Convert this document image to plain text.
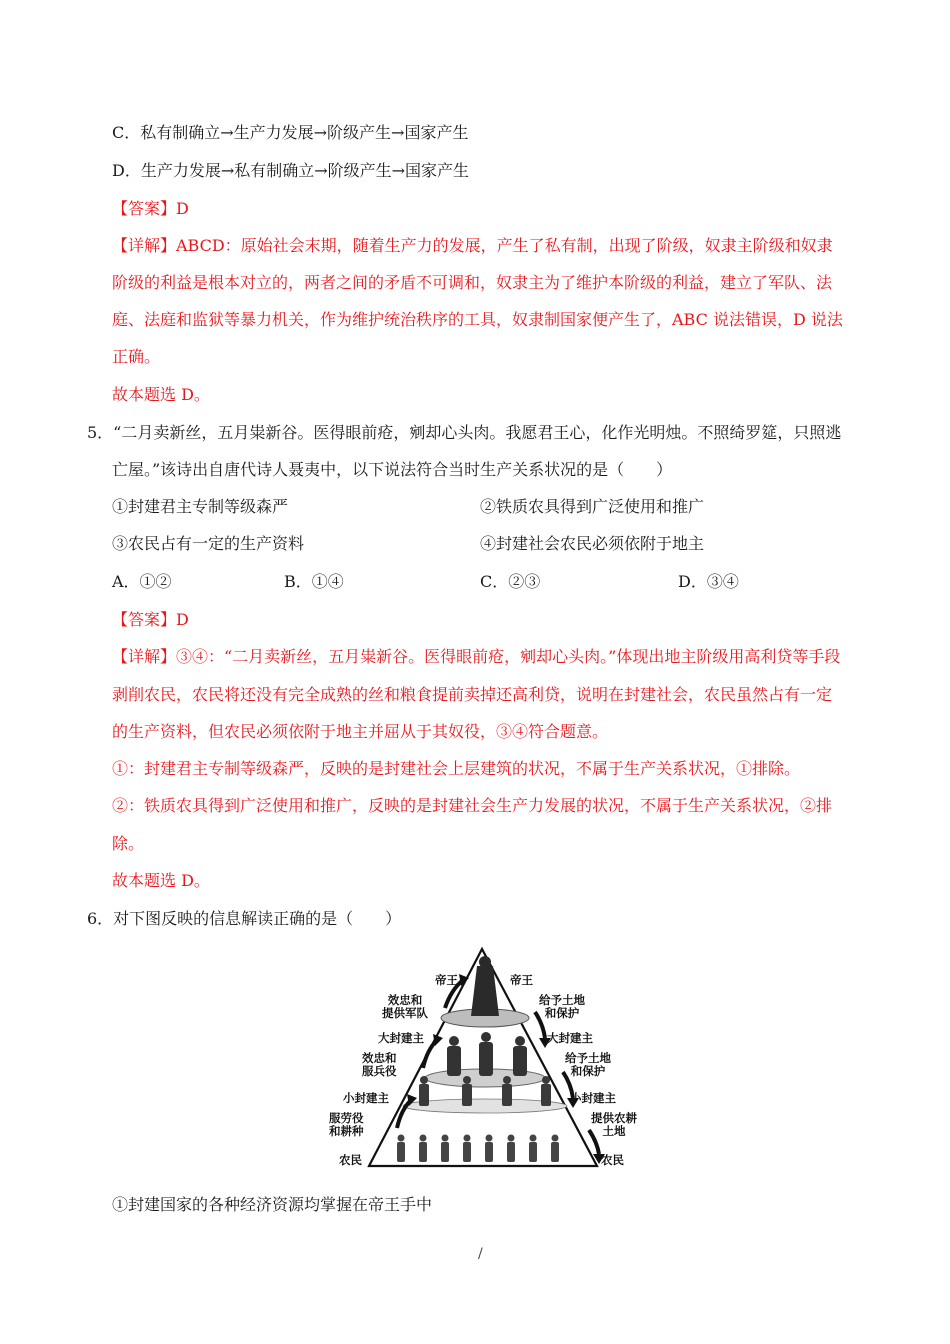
C．私有制确立→生产力发展→阶级产生→国家产生
D．生产力发展→私有制确立→阶级产生→国家产生
【答案】D
【详解】ABCD：原始社会末期，随着生产力的发展，产生了私有制，出现了阶级，奴隶主阶级和奴隶
阶级的利益是根本对立的，两者之间的矛盾不可调和，奴隶主为了维护本阶级的利益，建立了军队、法
庭、法庭和监狱等暴力机关，作为维护统治秩序的工具，奴隶制国家便产生了，ABC 说法错误，D 说法
正确。
故本题选 D。
5．“二月卖新丝，五月粜新谷。医得眼前疮，剜却心头肉。我愿君王心，化作光明烛。不照绮罗筵，只照逃
亡屋。”该诗出自唐代诗人聂夷中，以下说法符合当时生产关系状况的是（　　）
①封建君主专制等级森严	②铁质农具得到广泛使用和推广
③农民占有一定的生产资料	④封建社会农民必须依附于地主
A．①②	B．①④	C．②③	D．③④
【答案】D
【详解】③④：“二月卖新丝，五月粜新谷。医得眼前疮，剜却心头肉。”体现出地主阶级用高利贷等手段
剥削农民，农民将还没有完全成熟的丝和粮食提前卖掉还高利贷，说明在封建社会，农民虽然占有一定
的生产资料，但农民必须依附于地主并屈从于其奴役，③④符合题意。
①：封建君主专制等级森严，反映的是封建社会上层建筑的状况，不属于生产关系状况，①排除。
②：铁质农具得到广泛使用和推广，反映的是封建社会生产力发展的状况，不属于生产关系状况，②排
除。
故本题选 D。
6．对下图反映的信息解读正确的是（　　）
帝王	帝王
效忠和
提供军队
给予土地
和保护
大封建主	大封建主
效忠和
服兵役
给予土地
和保护
小封建主	小封建主
服劳役
和耕种
提供农耕
土地
农民	农民
①封建国家的各种经济资源均掌握在帝王手中
/
